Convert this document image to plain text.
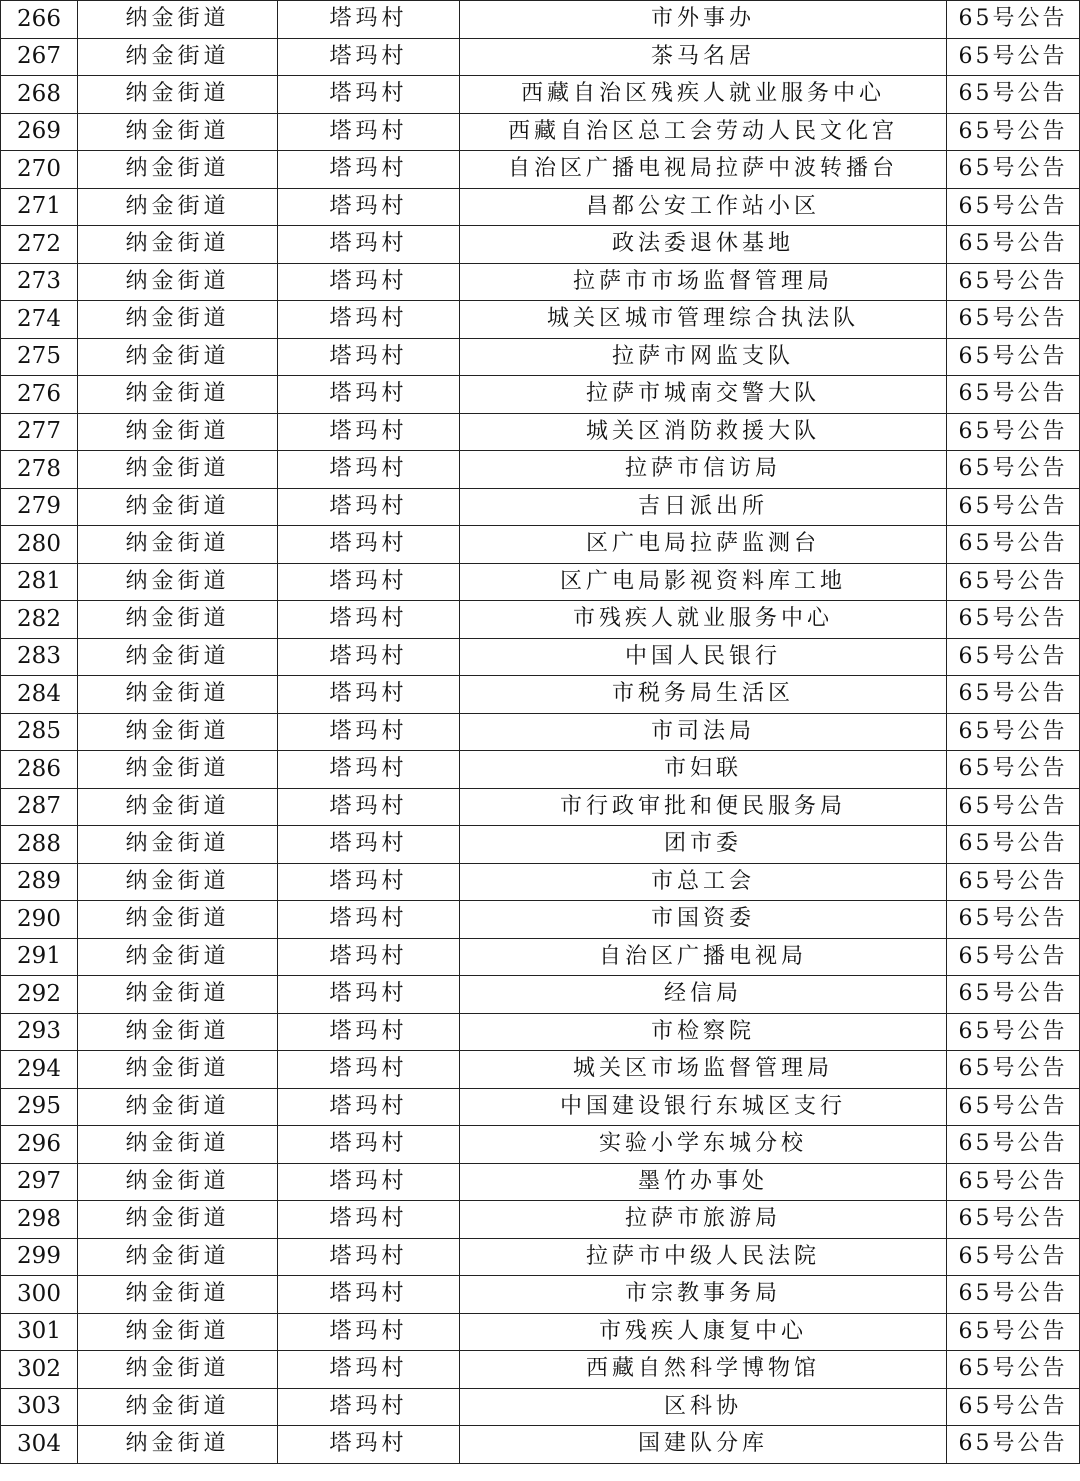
266	纳金街道	塔玛村	市外事办	65号公告
267	纳金街道	塔玛村	茶马名居	65号公告
268	纳金街道	塔玛村	西藏自治区残疾人就业服务中心	65号公告
269	纳金街道	塔玛村	西藏自治区总工会劳动人民文化宫	65号公告
270	纳金街道	塔玛村	自治区广播电视局拉萨中波转播台	65号公告
271	纳金街道	塔玛村	昌都公安工作站小区	65号公告
272	纳金街道	塔玛村	政法委退休基地	65号公告
273	纳金街道	塔玛村	拉萨市市场监督管理局	65号公告
274	纳金街道	塔玛村	城关区城市管理综合执法队	65号公告
275	纳金街道	塔玛村	拉萨市网监支队	65号公告
276	纳金街道	塔玛村	拉萨市城南交警大队	65号公告
277	纳金街道	塔玛村	城关区消防救援大队	65号公告
278	纳金街道	塔玛村	拉萨市信访局	65号公告
279	纳金街道	塔玛村	吉日派出所	65号公告
280	纳金街道	塔玛村	区广电局拉萨监测台	65号公告
281	纳金街道	塔玛村	区广电局影视资料库工地	65号公告
282	纳金街道	塔玛村	市残疾人就业服务中心	65号公告
283	纳金街道	塔玛村	中国人民银行	65号公告
284	纳金街道	塔玛村	市税务局生活区	65号公告
285	纳金街道	塔玛村	市司法局	65号公告
286	纳金街道	塔玛村	市妇联	65号公告
287	纳金街道	塔玛村	市行政审批和便民服务局	65号公告
288	纳金街道	塔玛村	团市委	65号公告
289	纳金街道	塔玛村	市总工会	65号公告
290	纳金街道	塔玛村	市国资委	65号公告
291	纳金街道	塔玛村	自治区广播电视局	65号公告
292	纳金街道	塔玛村	经信局	65号公告
293	纳金街道	塔玛村	市检察院	65号公告
294	纳金街道	塔玛村	城关区市场监督管理局	65号公告
295	纳金街道	塔玛村	中国建设银行东城区支行	65号公告
296	纳金街道	塔玛村	实验小学东城分校	65号公告
297	纳金街道	塔玛村	墨竹办事处	65号公告
298	纳金街道	塔玛村	拉萨市旅游局	65号公告
299	纳金街道	塔玛村	拉萨市中级人民法院	65号公告
300	纳金街道	塔玛村	市宗教事务局	65号公告
301	纳金街道	塔玛村	市残疾人康复中心	65号公告
302	纳金街道	塔玛村	西藏自然科学博物馆	65号公告
303	纳金街道	塔玛村	区科协	65号公告
304	纳金街道	塔玛村	国建队分库	65号公告
